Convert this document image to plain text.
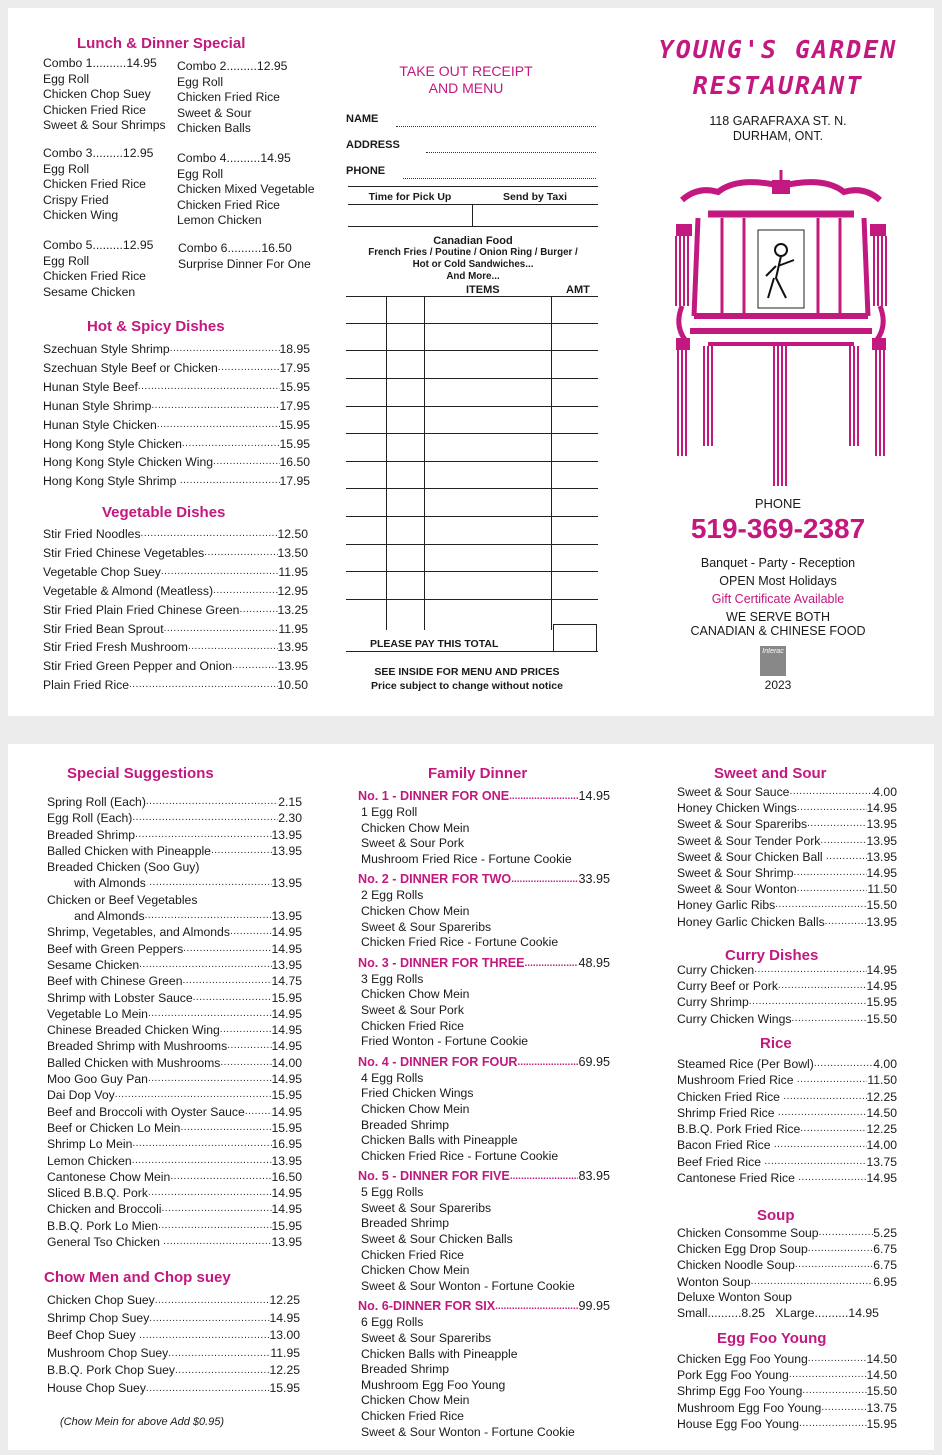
Lunch & Dinner Special
Combo 1..........14.95
Egg Roll
Chicken Chop Suey
Chicken Fried Rice
Sweet & Sour Shrimps
Combo 2.........12.95
Egg Roll
Chicken Fried Rice
Sweet & Sour
Chicken Balls
Combo 3.........12.95
Egg Roll
Chicken Fried Rice
Crispy Fried
Chicken Wing
Combo 4..........14.95
Egg Roll
Chicken Mixed Vegetable
Chicken Fried Rice
Lemon Chicken
Combo 5.........12.95
Egg Roll
Chicken Fried Rice
Sesame Chicken
Combo 6..........16.50
Surprise Dinner For One
Hot & Spicy Dishes
Szechuan Style Shrimp .....	18.95
Szechuan Style Beef or Chicken .....	17.95
Hunan Style Beef .....	15.95
Hunan Style Shrimp .....	17.95
Hunan Style Chicken .....	15.95
Hong Kong Style Chicken .....	15.95
Hong Kong Style Chicken Wing .....	16.50
Hong Kong Style Shrimp .....	17.95
Vegetable Dishes
Stir Fried Noodles .....	12.50
Stir Fried Chinese Vegetables .....	13.50
Vegetable Chop Suey .....	11.95
Vegetable & Almond (Meatless) .....	12.95
Stir Fried Plain Fried Chinese Green .....	13.25
Stir Fried Bean Sprout .....	11.95
Stir Fried Fresh Mushroom .....	13.95
Stir Fried Green Pepper and Onion .....	13.95
Plain Fried Rice .....	10.50
TAKE OUT RECEIPT
AND MENU
NAME
ADDRESS
PHONE
Time for Pick Up	Send by Taxi
Canadian Food
French Fries / Poutine / Onion Ring / Burger /
Hot or Cold Sandwiches...
And More...
ITEMS	AMT
PLEASE PAY THIS TOTAL
SEE INSIDE FOR MENU AND PRICES
Price subject to change without notice
YOUNG'S GARDEN
RESTAURANT
118 GARAFRAXA ST. N.
DURHAM, ONT.
PHONE
519-369-2387
Banquet - Party - Reception
OPEN Most Holidays
Gift Certificate Available
WE SERVE BOTH
CANADIAN & CHINESE FOOD
Interac
2023
Special Suggestions
Spring Roll (Each) .....	2.15
Egg Roll (Each) .....	2.30
Breaded Shrimp .....	13.95
Balled Chicken with Pineapple .....	13.95
Breaded Chicken (Soo Guy)
with Almonds .....	13.95
Chicken or Beef Vegetables
and Almonds .....	13.95
Shrimp, Vegetables, and Almonds .....	14.95
Beef with Green Peppers .....	14.95
Sesame Chicken .....	13.95
Beef with Chinese Green .....	14.75
Shrimp with Lobster Sauce .....	15.95
Vegetable Lo Mein .....	14.95
Chinese Breaded Chicken Wing .....	14.95
Breaded Shrimp with Mushrooms .....	14.95
Balled Chicken with Mushrooms .....	14.00
Moo Goo Guy Pan .....	14.95
Dai Dop Voy .....	15.95
Beef and Broccoli with Oyster Sauce ..... 14.95
Beef or Chicken Lo Mein .....	15.95
Shrimp Lo Mein .....	16.95
Lemon Chicken .....	13.95
Cantonese Chow Mein .....	16.50
Sliced B.B.Q. Pork .....	14.95
Chicken and Broccoli .....	14.95
B.B.Q. Pork Lo Mien .....	15.95
General Tso Chicken .....	13.95
Chow Men and Chop suey
Chicken Chop Suey .....	12.25
Shrimp Chop Suey .....	14.95
Beef Chop Suey .....	13.00
Mushroom Chop Suey .....	11.95
B.B.Q. Pork Chop Suey .....	12.25
House Chop Suey .....	15.95
(Chow Mein for above Add $0.95)
Family Dinner
No. 1 - DINNER FOR ONE .....	14.95
1 Egg Roll
Chicken Chow Mein
Sweet & Sour Pork
Mushroom Fried Rice - Fortune Cookie
No. 2 - DINNER FOR TWO .....	33.95
2 Egg Rolls
Chicken Chow Mein
Sweet & Sour Spareribs
Chicken Fried Rice - Fortune Cookie
No. 3 - DINNER FOR THREE .....	48.95
3 Egg Rolls
Chicken Chow Mein
Sweet & Sour Pork
Chicken Fried Rice
Fried Wonton - Fortune Cookie
No. 4 - DINNER FOR FOUR .....	69.95
4 Egg Rolls
Fried Chicken Wings
Chicken Chow Mein
Breaded Shrimp
Chicken Balls with Pineapple
Chicken Fried Rice - Fortune Cookie
No. 5 - DINNER FOR FIVE .....	83.95
5 Egg Rolls
Sweet & Sour Spareribs
Breaded Shrimp
Sweet & Sour Chicken Balls
Chicken Fried Rice
Chicken Chow Mein
Sweet & Sour Wonton - Fortune Cookie
No. 6-DINNER FOR SIX .....	99.95
6 Egg Rolls
Sweet & Sour Spareribs
Chicken Balls with Pineapple
Breaded Shrimp
Mushroom Egg Foo Young
Chicken Chow Mein
Chicken Fried Rice
Sweet & Sour Wonton - Fortune Cookie
Sweet and Sour
Sweet & Sour Sauce .....	4.00
Honey Chicken Wings .....	14.95
Sweet & Sour Spareribs .....	13.95
Sweet & Sour Tender Pork .....	13.95
Sweet & Sour Chicken Ball .....	13.95
Sweet & Sour Shrimp .....	14.95
Sweet & Sour Wonton .....	11.50
Honey Garlic Ribs .....	15.50
Honey Garlic Chicken Balls .....	13.95
Curry Dishes
Curry Chicken .....	14.95
Curry Beef or Pork .....	14.95
Curry Shrimp .....	15.95
Curry Chicken Wings .....	15.50
Rice
Steamed Rice (Per Bowl) .....	4.00
Mushroom Fried Rice .....	11.50
Chicken Fried Rice .....	12.25
Shrimp Fried Rice .....	14.50
B.B.Q. Pork Fried Rice .....	12.25
Bacon Fried Rice .....	14.00
Beef Fried Rice .....	13.75
Cantonese Fried Rice .....	14.95
Soup
Chicken Consomme Soup .....	5.25
Chicken Egg Drop Soup .....	6.75
Chicken Noodle Soup .....	6.75
Wonton Soup .....	6.95
Deluxe Wonton Soup
Small..........8.25 XLarge..........14.95
Egg Foo Young
Chicken Egg Foo Young .....	14.50
Pork Egg Foo Young .....	14.50
Shrimp Egg Foo Young .....	15.50
Mushroom Egg Foo Young .....	13.75
House Egg Foo Young .....	15.95
